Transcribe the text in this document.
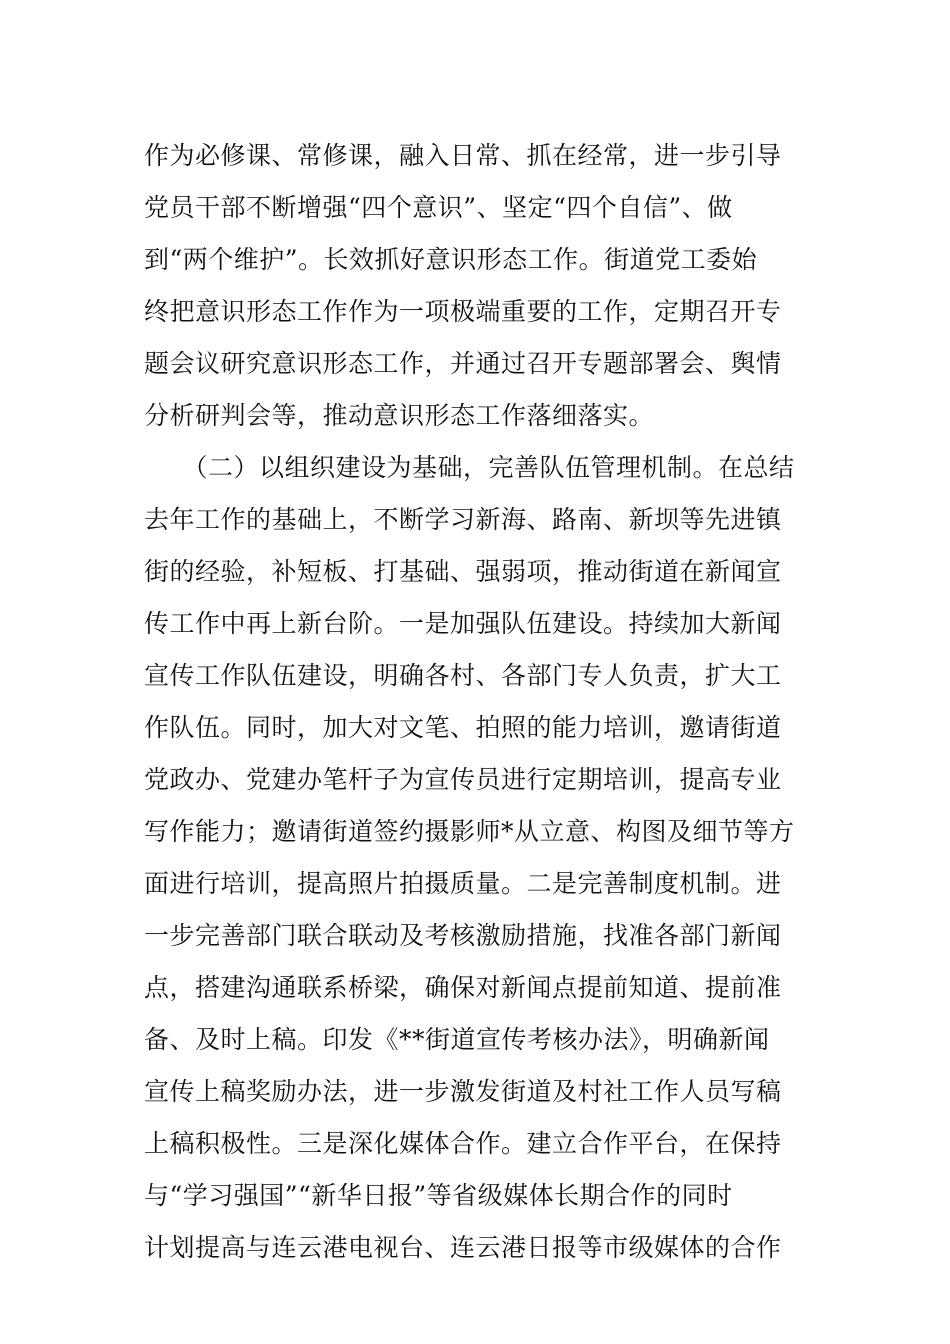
作为必修课、常修课，融入日常、抓在经常，进一步引导
党员干部不断增强“四个意识”、坚定“四个自信”、做
到“两个维护”。长效抓好意识形态工作。街道党工委始
终把意识形态工作作为一项极端重要的工作，定期召开专
题会议研究意识形态工作，并通过召开专题部署会、舆情
分析研判会等，推动意识形态工作落细落实。
　　（二）以组织建设为基础，完善队伍管理机制。在总结
去年工作的基础上，不断学习新海、路南、新坝等先进镇
街的经验，补短板、打基础、强弱项，推动街道在新闻宣
传工作中再上新台阶。一是加强队伍建设。持续加大新闻
宣传工作队伍建设，明确各村、各部门专人负责，扩大工
作队伍。同时，加大对文笔、拍照的能力培训，邀请街道
党政办、党建办笔杆子为宣传员进行定期培训，提高专业
写作能力；邀请街道签约摄影师*从立意、构图及细节等方
面进行培训，提高照片拍摄质量。二是完善制度机制。进
一步完善部门联合联动及考核激励措施，找准各部门新闻
点，搭建沟通联系桥梁，确保对新闻点提前知道、提前准
备、及时上稿。印发《**街道宣传考核办法》，明确新闻
宣传上稿奖励办法，进一步激发街道及村社工作人员写稿
上稿积极性。三是深化媒体合作。建立合作平台，在保持
与“学习强国”“新华日报”等省级媒体长期合作的同时
计划提高与连云港电视台、连云港日报等市级媒体的合作
